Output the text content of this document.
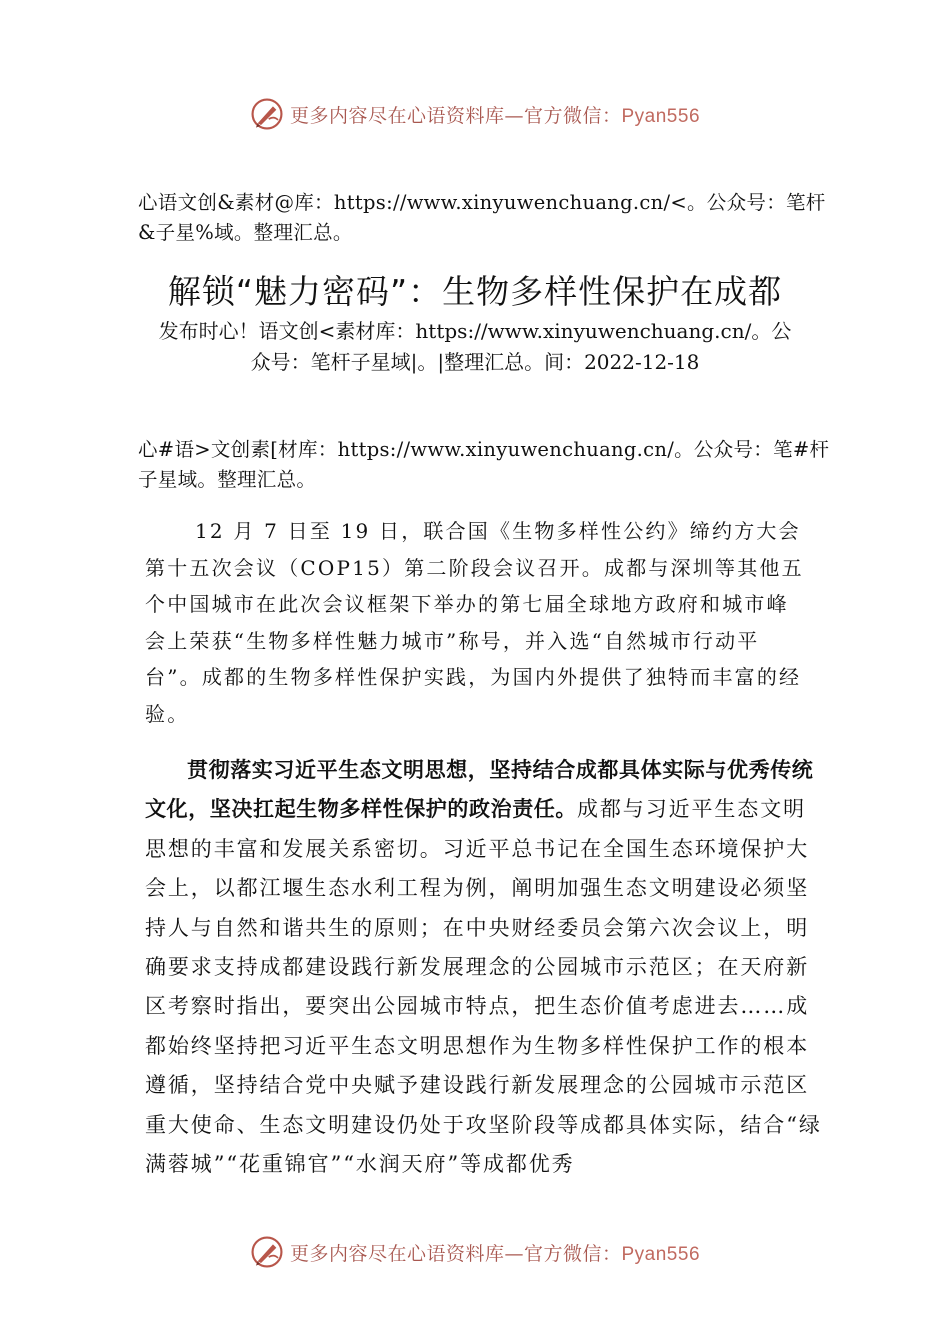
更多内容尽在心语资料库—官方微信：Pyan556
心语文创&素材@库：https://www.xinyuwenchuang.cn/<。公众号：笔杆&子星%域。整理汇总。
解锁“魅力密码”：生物多样性保护在成都
发布时心！语文创<素材库：https://www.xinyuwenchuang.cn/。公众号：笔杆子星域|。|整理汇总。间：2022-12-18
心#语>文创素[材库：https://www.xinyuwenchuang.cn/。公众号：笔#杆子星域。整理汇总。

12 月 7 日至 19 日，联合国《生物多样性公约》缔约方大会第十五次会议（COP15）第二阶段会议召开。成都与深圳等其他五个中国城市在此次会议框架下举办的第七届全球地方政府和城市峰会上荣获“生物多样性魅力城市”称号，并入选“自然城市行动平台”。成都的生物多样性保护实践，为国内外提供了独特而丰富的经验。

贯彻落实习近平生态文明思想，坚持结合成都具体实际与优秀传统文化，坚决扛起生物多样性保护的政治责任。成都与习近平生态文明思想的丰富和发展关系密切。习近平总书记在全国生态环境保护大会上，以都江堰生态水利工程为例，阐明加强生态文明建设必须坚持人与自然和谐共生的原则；在中央财经委员会第六次会议上，明确要求支持成都建设践行新发展理念的公园城市示范区；在天府新区考察时指出，要突出公园城市特点，把生态价值考虑进去……成都始终坚持把习近平生态文明思想作为生物多样性保护工作的根本遵循，坚持结合党中央赋予建设践行新发展理念的公园城市示范区重大使命、生态文明建设仍处于攻坚阶段等成都具体实际，结合“绿满蓉城”“花重锦官”“水润天府”等成都优秀

更多内容尽在心语资料库—官方微信：Pyan556
